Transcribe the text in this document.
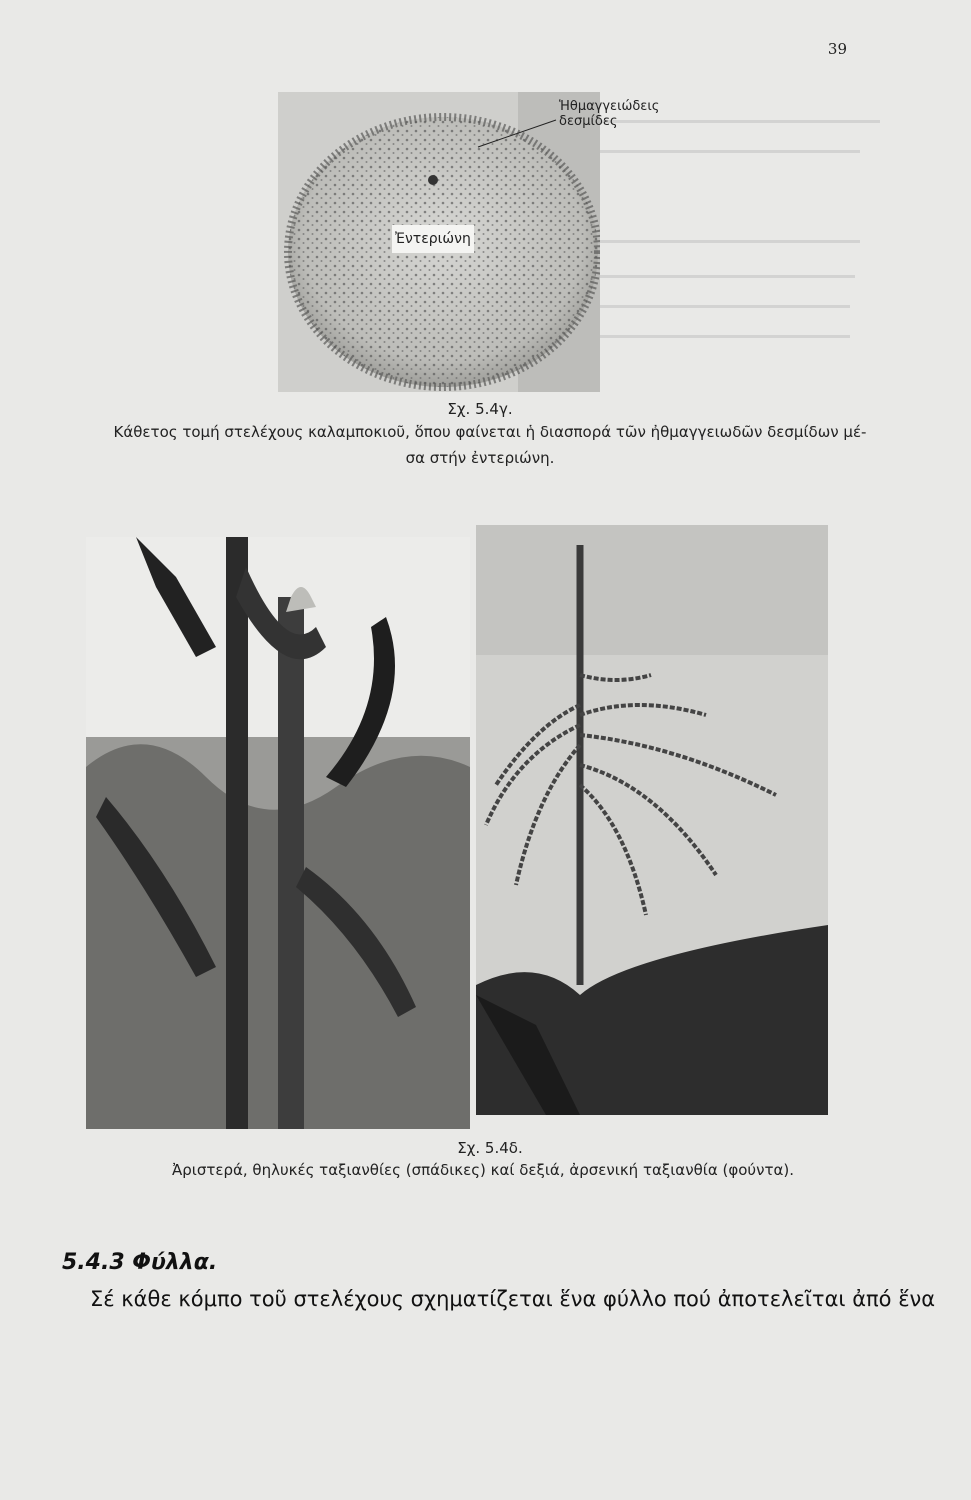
39
Ἡθμαγγειώδεις δεσμίδες
Ἐντεριώνη
Σχ. 5.4γ.
Κάθετος τομή στελέχους καλαμποκιοῦ, ὅπου φαίνεται ἡ διασπορά τῶν ἠθμαγγειωδῶν δεσμίδων μέ-
σα στήν ἐντεριώνη.
Σχ. 5.4δ.
Ἀριστερά, θηλυκές ταξιανθίες (σπάδικες) καί δεξιά, ἀρσενική ταξιανθία (φούντα).
5.4.3 Φύλλα.
Σέ κάθε κόμπο τοῦ στελέχους σχηματίζεται ἕνα φύλλο πού ἀποτελεῖται ἀπό ἕνα
